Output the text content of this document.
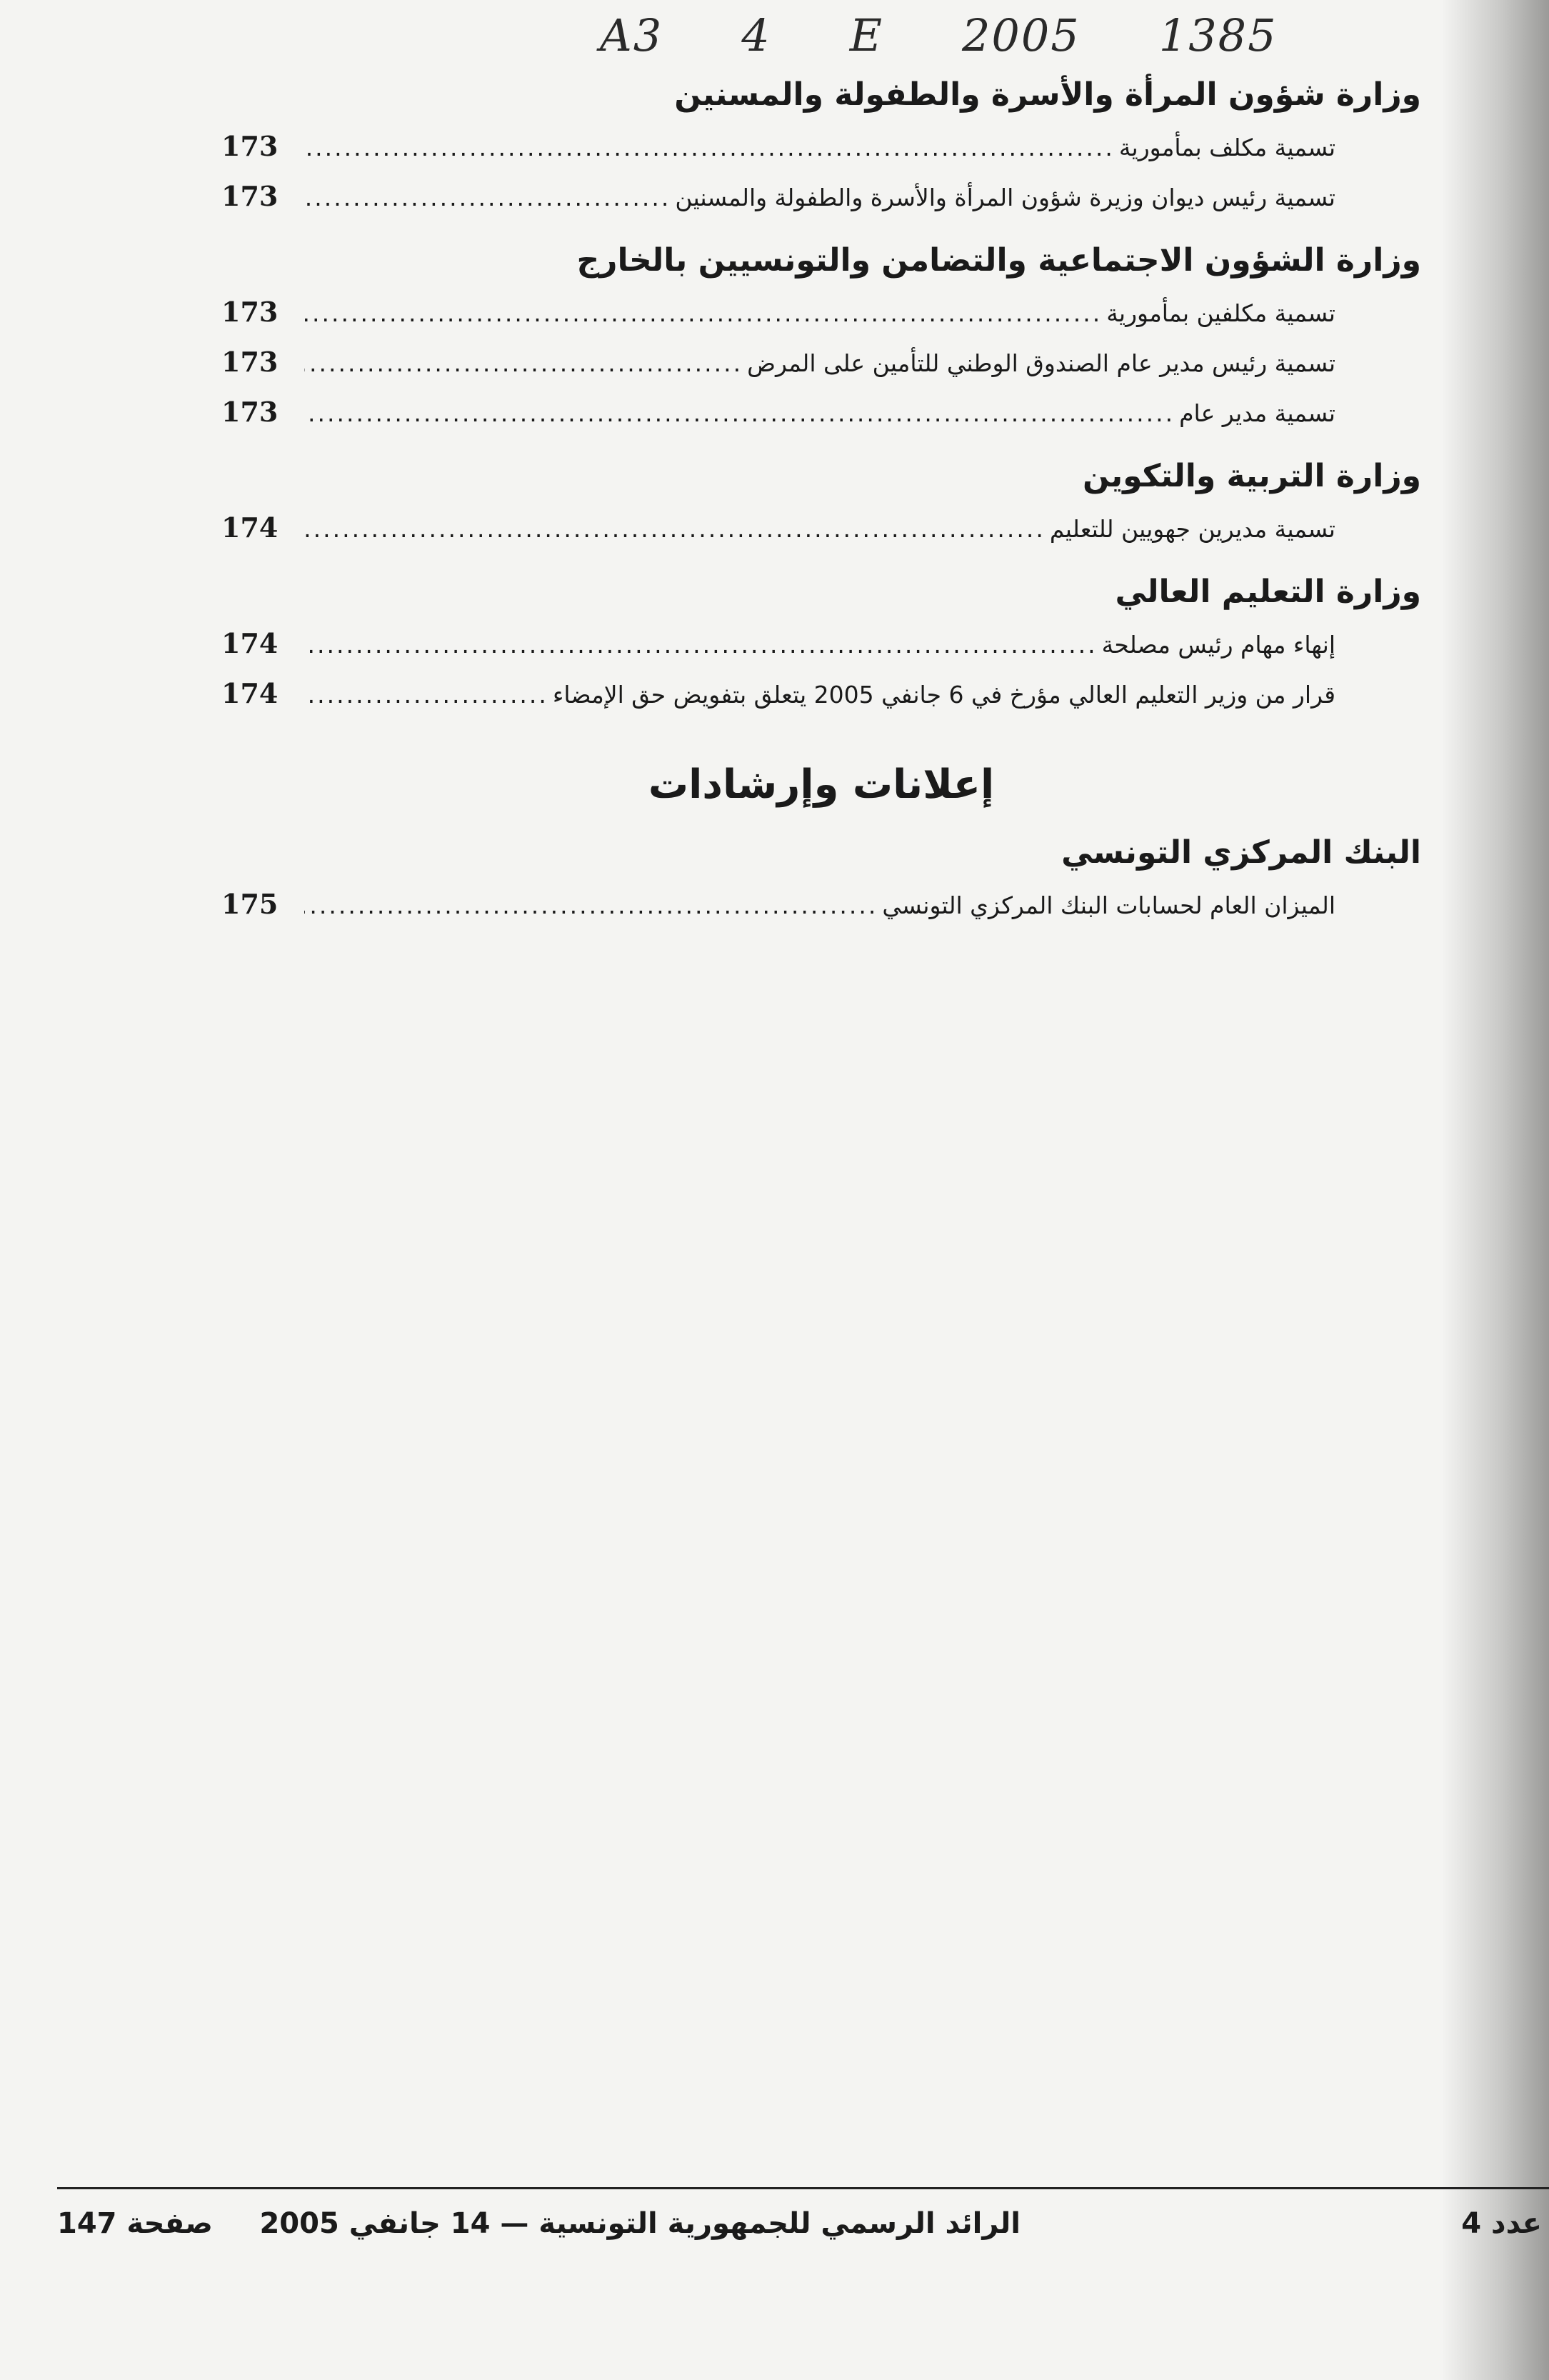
A3 4 E 2005 1385
وزارة شؤون المرأة والأسرة والطفولة والمسنين
تسمية مكلف بمأمورية
.....
173
تسمية رئيس ديوان وزيرة شؤون المرأة والأسرة والطفولة والمسنين
.....
173
وزارة الشؤون الاجتماعية والتضامن والتونسيين بالخارج
تسمية مكلفين بمأمورية
.....
173
تسمية رئيس مدير عام الصندوق الوطني للتأمين على المرض
.....
173
تسمية مدير عام
.....
173
وزارة التربية والتكوين
تسمية مديرين جهويين للتعليم
.....
174
وزارة التعليم العالي
إنهاء مهام رئيس مصلحة
.....
174
قرار من وزير التعليم العالي مؤرخ في 6 جانفي 2005 يتعلق بتفويض حق الإمضاء
.....
174
إعلانات وإرشادات
البنك المركزي التونسي
الميزان العام لحسابات البنك المركزي التونسي
.....
175
عدد 4
الرائد الرسمي للجمهورية التونسية — 14 جانفي 2005
صفحة 147
